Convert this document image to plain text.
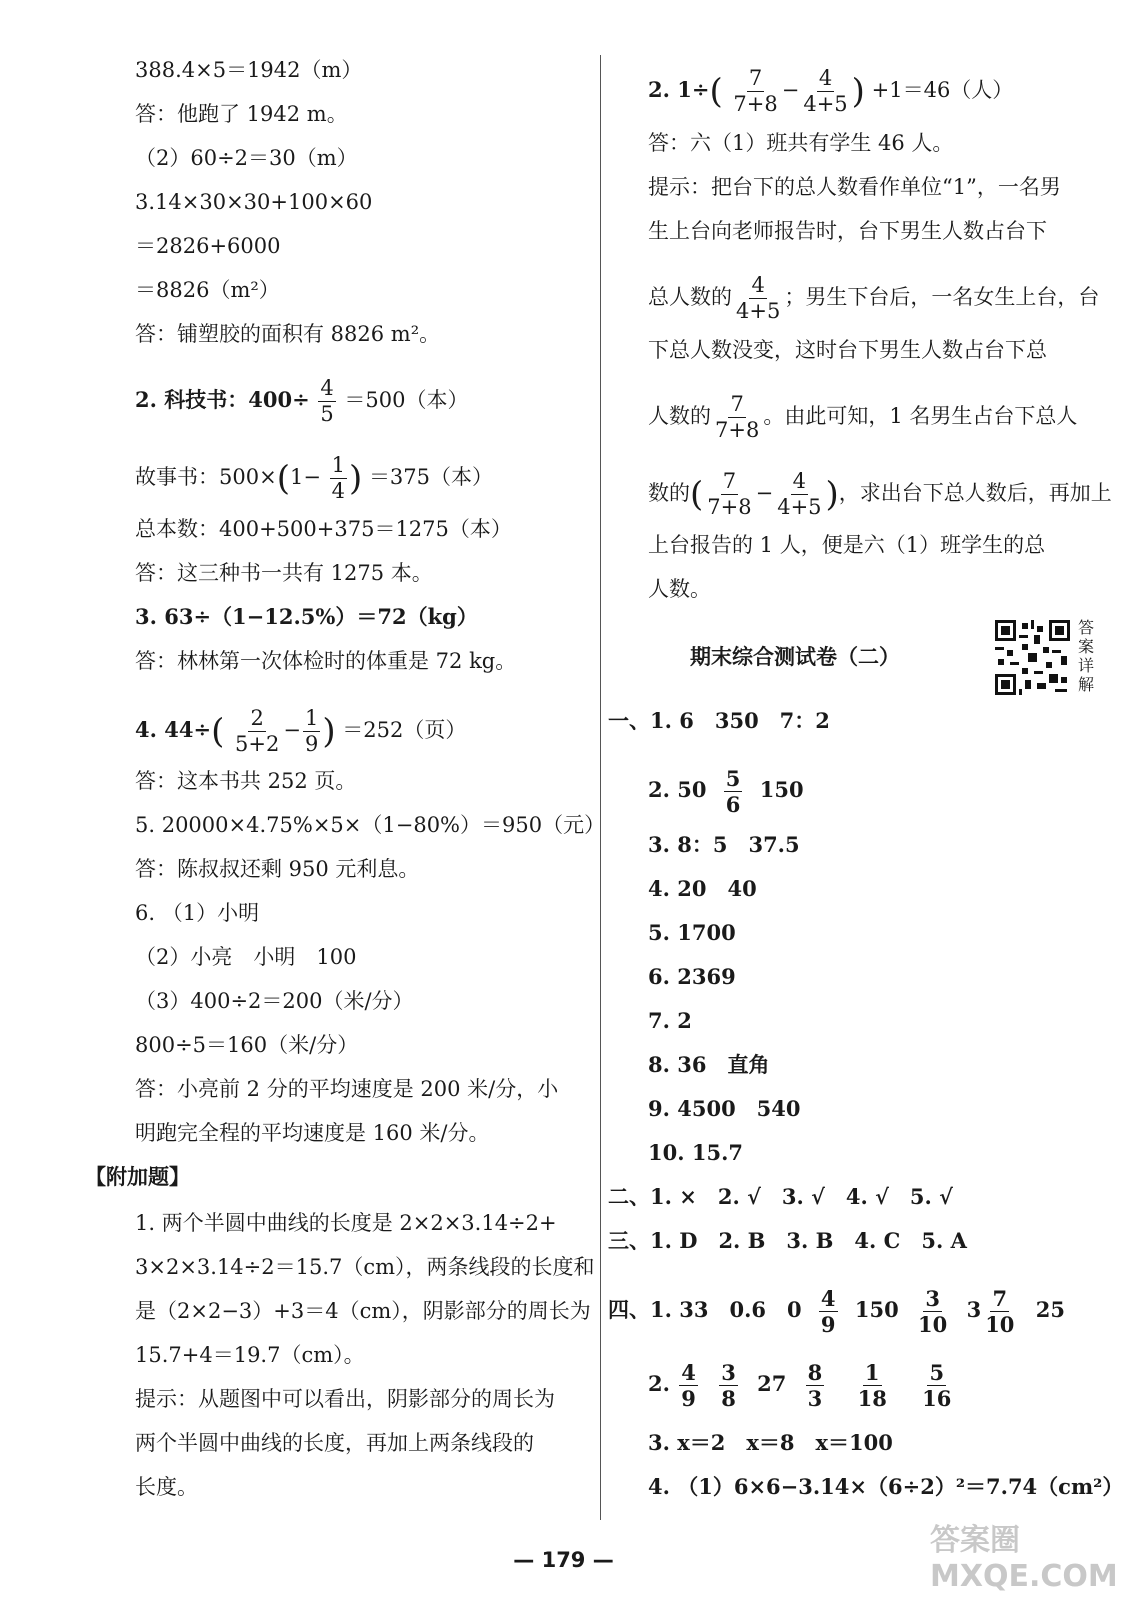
388.4×5＝1942（m）
答：他跑了 1942 m。
（2）60÷2＝30（m）
3.14×30×30+100×60
＝2826+6000
＝8826（m²）
答：铺塑胶的面积有 8826 m²。
2. 科技书：$400\div \frac{4}{5} =500$（本）
故事书：$500\times(1- \frac{1}{4}$ ) ＝375（本）
总本数：400+500+375＝1275（本）
答：这三种书一共有 1275 本。
3. 63÷（1−12.5%）＝72（kg）
答：林林第一次体检时的体重是 72 kg。
4. $44\div( \frac{2}{5+2} - \frac{1}{9}$ ) ＝252（页）
答：这本书共 252 页。
5. 20000×4.75%×5×（1−80%）＝950（元）
答：陈叔叔还剩 950 元利息。
6. （1）小明
（2）小亮　小明　100
（3）400÷2＝200（米/分）
800÷5＝160（米/分）
答：小亮前 2 分的平均速度是 200 米/分，小
明跑完全程的平均速度是 160 米/分。
【附加题】
1. 两个半圆中曲线的长度是 2×2×3.14÷2+
3×2×3.14÷2＝15.7（cm），两条线段的长度和
是（2×2−3）+3＝4（cm），阴影部分的周长为
15.7+4＝19.7（cm）。
提示：从题图中可以看出，阴影部分的周长为
两个半圆中曲线的长度，再加上两条线段的
长度。
2. $1\div( \frac{7}{7+8} - \frac{4}{4+5}$ ) +1＝46（人）
答：六（1）班共有学生 46 人。
提示：把台下的总人数看作单位“1”，一名男
生上台向老师报告时，台下男生人数占台下
总人数的 $\frac{4}{4+5}$ ；男生下台后，一名女生上台，台
下总人数没变，这时台下男生人数占台下总
人数的 $\frac{7}{7+8}$ 。由此可知，1 名男生占台下总人
数的( $\frac{7}{7+8} - \frac{4}{4+5}$ )，求出台下总人数后，再加上
上台报告的 1 人，便是六（1）班学生的总
人数。
期末综合测试卷（二）
一、1. 6　350　7：2
2. $50 \frac{5}{6} 150$
3. 8：5　37.5
4. 20　40
5. 1700
6. 2369
7. 2
8. 36　直角
9. 4500　540
10. 15.7
二、1. ×　2. √　3. √　4. √　5. √
三、1. D　2. B　3. B　4. C　5. A
四、1. 33　0.6　$0 \frac{4}{9} 150 \frac{3}{10} 3 \frac{7}{10} 25$
2. $\frac{4}{9}$
$\frac{3}{8} 27 \frac{8}{3}$
$\frac{1}{18}$
$\frac{5}{16}$
3. x＝2　x＝8　x＝100
4. （1）6×6−3.14×（6÷2）²＝7.74（cm²）
答案详解
— 179 —
答案圈 MXQE.COM
